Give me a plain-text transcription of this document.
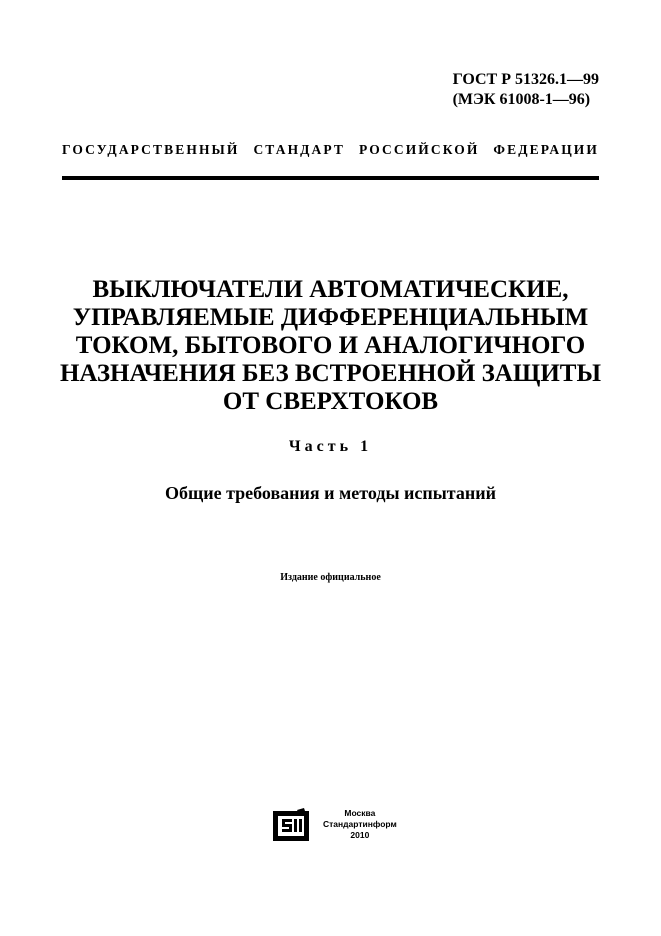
ГОСТ Р 51326.1—99
(МЭК 61008-1—96)
ГОСУДАРСТВЕННЫЙ СТАНДАРТ РОССИЙСКОЙ ФЕДЕРАЦИИ
ВЫКЛЮЧАТЕЛИ АВТОМАТИЧЕСКИЕ,
УПРАВЛЯЕМЫЕ ДИФФЕРЕНЦИАЛЬНЫМ
ТОКОМ, БЫТОВОГО И АНАЛОГИЧНОГО
НАЗНАЧЕНИЯ БЕЗ ВСТРОЕННОЙ ЗАЩИТЫ
ОТ СВЕРХТОКОВ
Часть 1
Общие требования и методы испытаний
Издание официальное
Москва
Стандартинформ
2010
